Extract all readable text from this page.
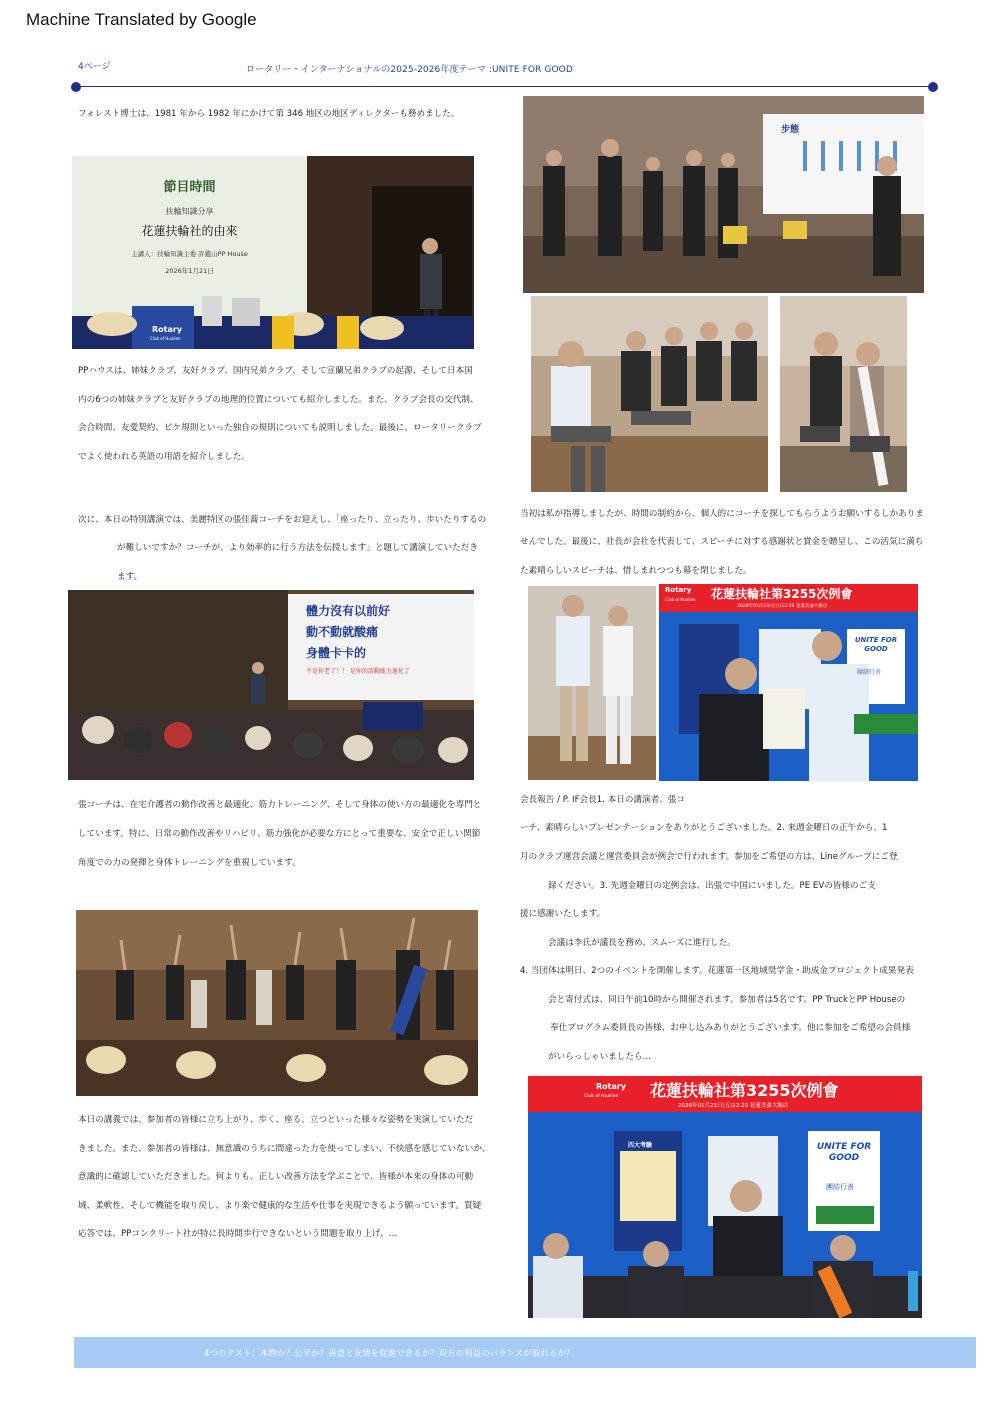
Machine Translated by Google
4ページ	ロータリー・インターナショナルの2025-2026年度テーマ :UNITE FOR GOOD
フォレスト博士は、1981 年から 1982 年にかけて第 346 地区の地区ディレクターも務めました。
節目時間
扶輪知識分享
花蓮扶輪社的由來
主講人：扶輪知識主委 許鑑山PP House
2026年1月21日
Rotary
Club of Hualien
PPハウスは、姉妹クラブ、友好クラブ、国内兄弟クラブ、そして宣蘭兄弟クラブの起源、そして日本国
内の6つの姉妹クラブと友好クラブの地理的位置についても紹介しました。また、クラブ会長の交代制、
会合時間、友愛契約、ピケ規則といった独自の規則についても説明しました。最後に、ロータリークラブ
でよく使われる英語の用語を紹介しました。
次に、本日の特別講演では、美麗特区の張佳蕎コーチをお迎えし、「座ったり、立ったり、歩いたりするの
が難しいですか？コーチが、より効率的に行う方法を伝授します」と題して講演していただき
ます。
體力沒有以前好
動不動就酸痛
身體卡卡的
不是你老了！！ 是你的活動能力退化了
張コーチは、在宅介護者の動作改善と最適化、筋力トレーニング、そして身体の使い方の最適化を専門と
しています。特に、日常の動作改善やリハビリ、筋力強化が必要な方にとって重要な、安全で正しい関節
角度での力の発揮と身体トレーニングを重視しています。
本日の講義では、参加者の皆様に立ち上がり、歩く、座る、立つといった様々な姿勢を実演していただ
きました。また、参加者の皆様は、無意識のうちに間違った力を使ってしまい、不快感を感じていないか、
意識的に確認していただきました。何よりも、正しい改善方法を学ぶことで、皆様が本来の身体の可動
域、柔軟性、そして機能を取り戻し、より楽で健康的な生活や仕事を実現できるよう願っています。質疑
応答では、PPコンクリート社が特に長時間歩行できないという問題を取り上げ、…
步態
当初は私が指導しましたが、時間の制約から、個人的にコーチを探してもらうようお願いするしかありま
せんでした。最後に、社長が会社を代表して、スピーチに対する感謝状と賞金を贈呈し、この活気に満ち
た素晴らしいスピーチは、惜しまれつつも幕を閉じました。
Rotary
Club of Hualien 花蓮扶輪社第3255次例會
2026年01月23日(五)12:20 花蓮美侖大飯店
UNITE FOR GOOD
團結行善
会長報告 / P. IF会長1. 本日の講演者、張コ
ーチ、素晴らしいプレゼンテーションをありがとうございました。2. 来週金曜日の正午から、1
月のクラブ運営会議と運営委員会が例会で行われます。参加をご希望の方は、Lineグループにご登
録ください。3. 先週金曜日の定例会は、出張で中国にいました。PE EVの皆様のご支
援に感謝いたします。
会議は李氏が議長を務め、スムーズに進行した。
4. 当団体は明日、2つのイベントを開催します。花蓮第一区地域奨学金・助成金プロジェクト成果発表
会と寄付式は、同日午前10時から開催されます。参加者は5名です。PP TruckとPP Houseの
奉仕プログラム委員長の皆様、お申し込みありがとうございます。他に参加をご希望の会員様
がいらっしゃいましたら…
Rotary
Club of Hualien 花蓮扶輪社第3255次例會
2026年01月23日(五)12:20 花蓮美侖大飯店
四大考驗	UNITE FOR GOOD
團結行善
4つのテスト：本物か？公平か？善意と友情を促進できるか？双方の利益のバランスが取れるか？
